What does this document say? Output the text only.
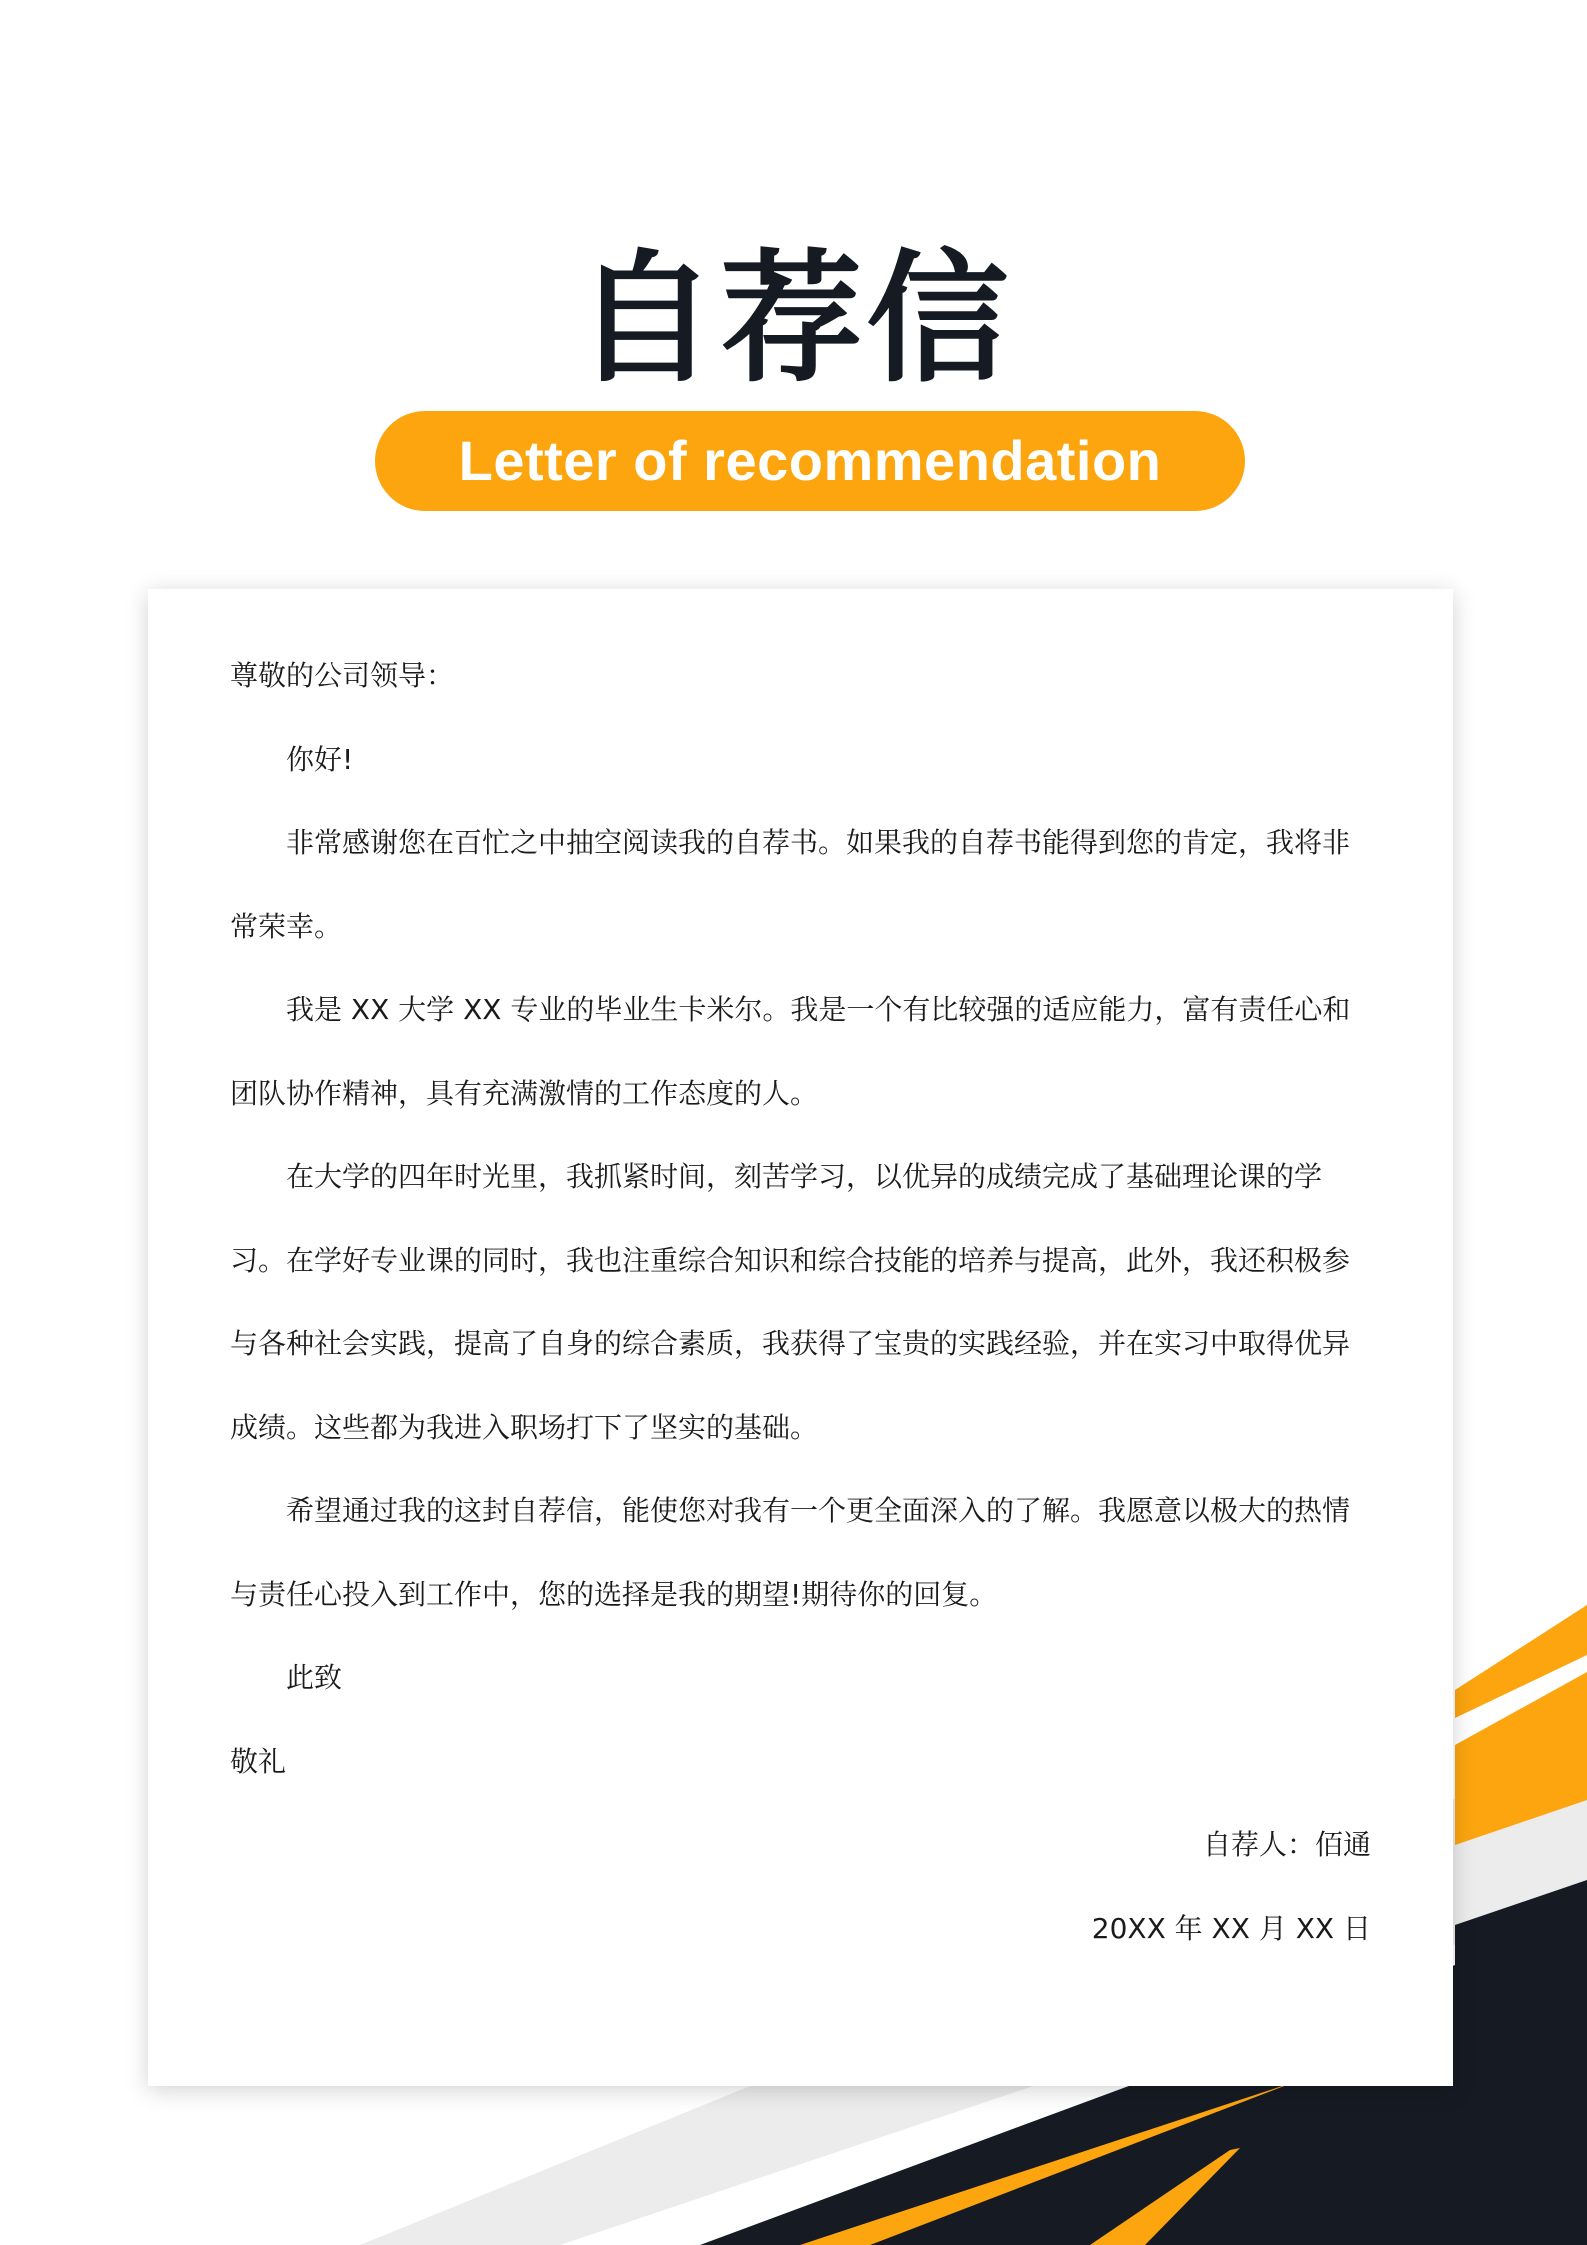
自荐信
Letter of recommendation

尊敬的公司领导：

你好!

非常感谢您在百忙之中抽空阅读我的自荐书。如果我的自荐书能得到您的肯定，我将非常荣幸。

我是 XX 大学 XX 专业的毕业生卡米尔。我是一个有比较强的适应能力，富有责任心和团队协作精神，具有充满激情的工作态度的人。

在大学的四年时光里，我抓紧时间，刻苦学习，以优异的成绩完成了基础理论课的学习。在学好专业课的同时，我也注重综合知识和综合技能的培养与提高，此外，我还积极参与各种社会实践，提高了自身的综合素质，我获得了宝贵的实践经验，并在实习中取得优异成绩。这些都为我进入职场打下了坚实的基础。

希望通过我的这封自荐信，能使您对我有一个更全面深入的了解。我愿意以极大的热情与责任心投入到工作中，您的选择是我的期望!期待你的回复。

此致

敬礼

自荐人：佰通

20XX 年 XX 月 XX 日
